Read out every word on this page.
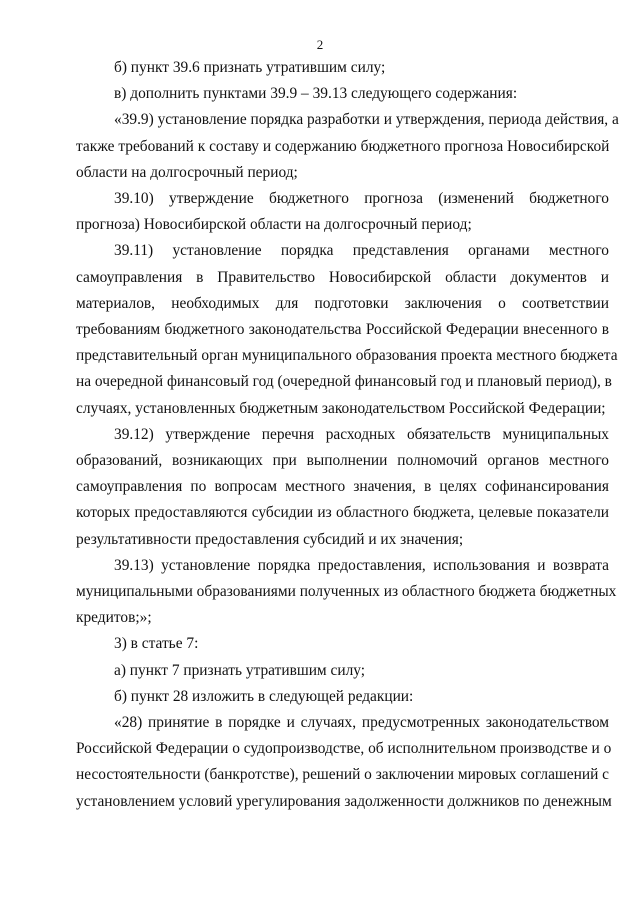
2
б) пункт 39.6 признать утратившим силу;
в) дополнить пунктами 39.9 – 39.13 следующего содержания:
«39.9) установление порядка разработки и утверждения, периода действия, а
также требований к составу и содержанию бюджетного прогноза Новосибирской
области на долгосрочный период;
39.10) утверждение бюджетного прогноза (изменений бюджетного
прогноза) Новосибирской области на долгосрочный период;
39.11) установление порядка представления органами местного
самоуправления в Правительство Новосибирской области документов и
материалов, необходимых для подготовки заключения о соответствии
требованиям бюджетного законодательства Российской Федерации внесенного в
представительный орган муниципального образования проекта местного бюджета
на очередной финансовый год (очередной финансовый год и плановый период), в
случаях, установленных бюджетным законодательством Российской Федерации;
39.12) утверждение перечня расходных обязательств муниципальных
образований, возникающих при выполнении полномочий органов местного
самоуправления по вопросам местного значения, в целях софинансирования
которых предоставляются субсидии из областного бюджета, целевые показатели
результативности предоставления субсидий и их значения;
39.13) установление порядка предоставления, использования и возврата
муниципальными образованиями полученных из областного бюджета бюджетных
кредитов;»;
3) в статье 7:
а) пункт 7 признать утратившим силу;
б) пункт 28 изложить в следующей редакции:
«28) принятие в порядке и случаях, предусмотренных законодательством
Российской Федерации о судопроизводстве, об исполнительном производстве и о
несостоятельности (банкротстве), решений о заключении мировых соглашений с
установлением условий урегулирования задолженности должников по денежным
